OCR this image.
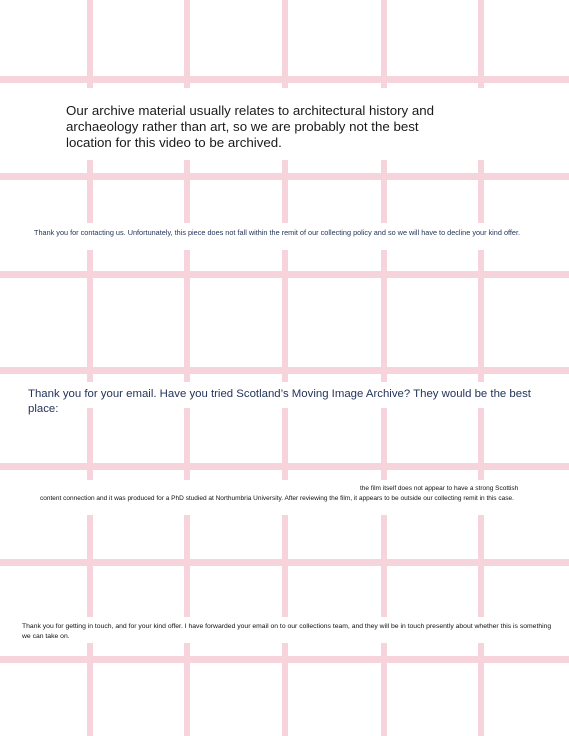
Our archive material usually relates to architectural history and archaeology rather than art, so we are probably not the best location for this video to be archived.

Thank you for contacting us. Unfortunately, this piece does not fall within the remit of our collecting policy and so we will have to decline your kind offer.

Thank you for your email. Have you tried Scotland’s Moving Image Archive? They would be the best place:

the film itself does not appear to have a strong Scottish content connection and it was produced for a PhD studied at Northumbria University. After reviewing the film, it appears to be outside our collecting remit in this case.

Thank you for getting in touch, and for your kind offer. I have forwarded your email on to our collections team, and they will be in touch presently about whether this is something we can take on.
